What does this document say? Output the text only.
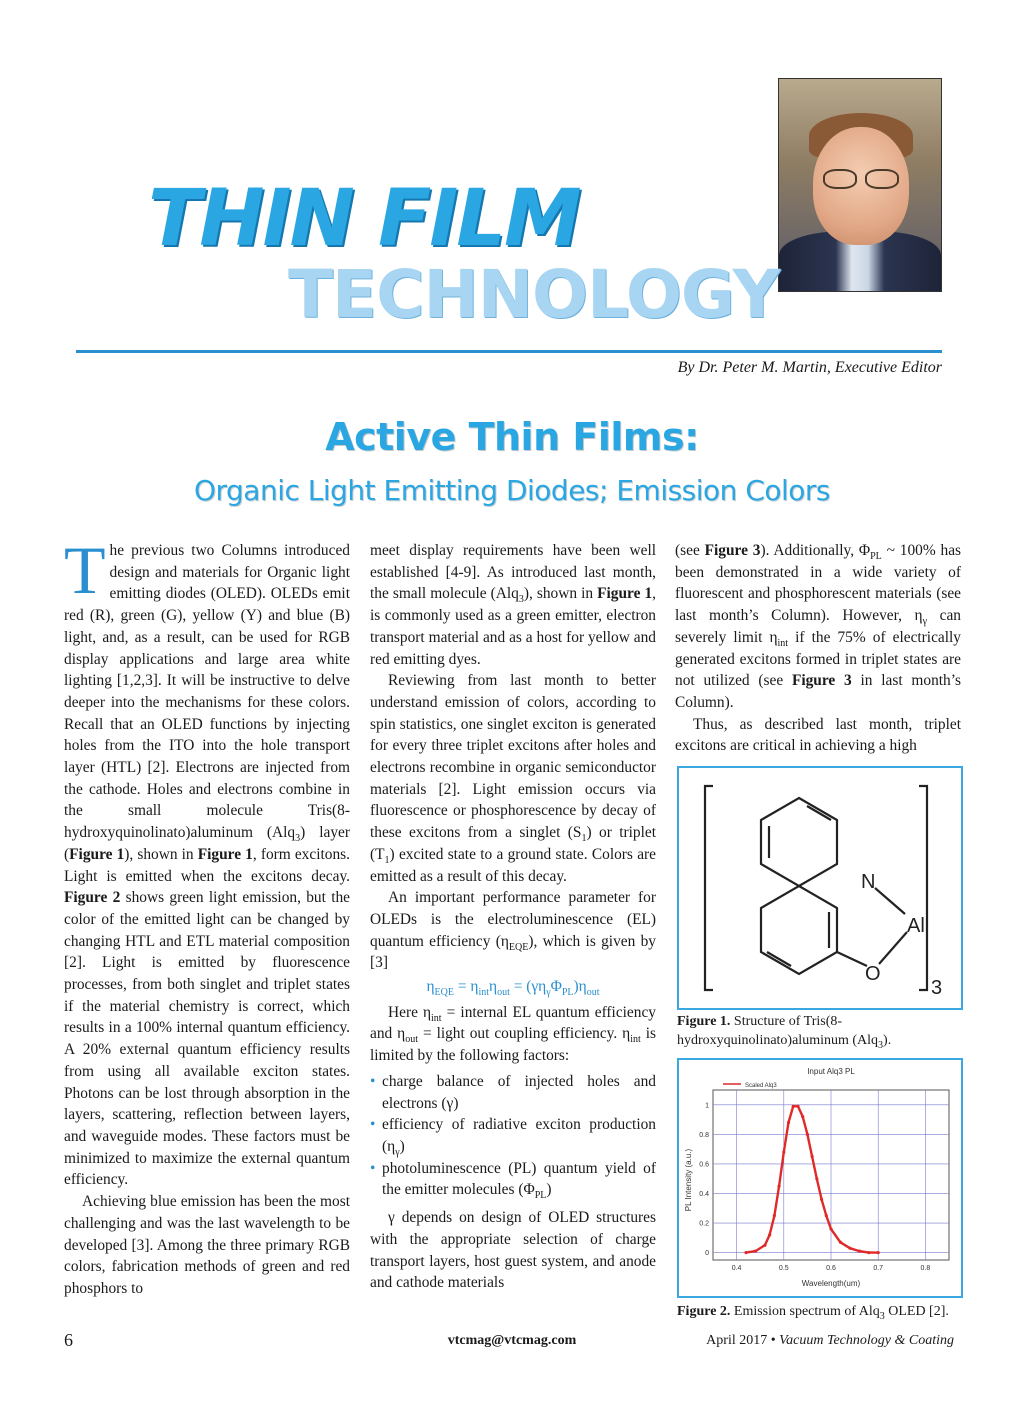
THIN FILM
TECHNOLOGY
By Dr. Peter M. Martin, Executive Editor
Active Thin Films:
Organic Light Emitting Diodes; Emission Colors

The previous two Columns introduced design and materials for Organic light emitting diodes (OLED). OLEDs emit red (R), green (G), yellow (Y) and blue (B) light, and, as a result, can be used for RGB display applications and large area white lighting [1,2,3]. It will be instructive to delve deeper into the mechanisms for these colors. Recall that an OLED functions by injecting holes from the ITO into the hole transport layer (HTL) [2]. Electrons are injected from the cathode. Holes and electrons combine in the small molecule Tris(8-hydroxyquinolinato)aluminum (Alq$_3$) layer (Figure 1), shown in Figure 1, form excitons. Light is emitted when the excitons decay. Figure 2 shows green light emission, but the color of the emitted light can be changed by changing HTL and ETL material composition [2]. Light is emitted by fluorescence processes, from both singlet and triplet states if the material chemistry is correct, which results in a 100% internal quantum efficiency. A 20% external quantum efficiency results from using all available exciton states. Photons can be lost through absorption in the layers, scattering, reflection between layers, and waveguide modes. These factors must be minimized to maximize the external quantum efficiency.

Achieving blue emission has been the most challenging and was the last wavelength to be developed [3]. Among the three primary RGB colors, fabrication methods of green and red phosphors to

meet display requirements have been well established [4-9]. As introduced last month, the small molecule (Alq$_3$), shown in Figure 1, is commonly used as a green emitter, electron transport material and as a host for yellow and red emitting dyes.

Reviewing from last month to better understand emission of colors, according to spin statistics, one singlet exciton is generated for every three triplet excitons after holes and electrons recombine in organic semiconductor materials [2]. Light emission occurs via fluorescence or phosphorescence by decay of these excitons from a singlet $(S_1)$ or triplet $(T_1)$ excited state to a ground state. Colors are emitted as a result of this decay.

An important performance parameter for OLEDs is the electroluminescence (EL) quantum efficiency $(\eta_{EQE})$, which is given by [3]

$\eta_{EQE} = \eta_{int}\eta_{out} = (\gamma\eta_\gamma\Phi_{PL})\eta_{out}$

Here $\eta_{int}$ = internal EL quantum efficiency and $\eta_{out}$ = light out coupling efficiency. $\eta_{int}$ is limited by the following factors:

• charge balance of injected holes and electrons (γ)
• efficiency of radiative exciton production $(\eta_\gamma)$
• photoluminescence (PL) quantum yield of the emitter molecules $(\Phi_{PL})$

γ depends on design of OLED structures with the appropriate selection of charge transport layers, host guest system, and anode and cathode materials

(see Figure 3). Additionally, $\Phi_{PL}$ ~ 100% has been demonstrated in a wide variety of fluorescent and phosphorescent materials (see last month’s Column). However, $\eta_\gamma$ can severely limit $\eta_{int}$ if the 75% of electrically generated excitons formed in triplet states are not utilized (see Figure 3 in last month’s Column).

Thus, as described last month, triplet excitons are critical in achieving a high

N
Al
O
3
Figure 1. Structure of Tris(8-hydroxyquinolinato)aluminum (Alq$_3$).
Input Alq3 PL
Wavelength(um)
PL Intensity (a.u.)
0.4	0.5	0.6	0.7	0.8
0
0.2
0.4
0.6
0.8
1
Scaled Alq3
Figure 2. Emission spectrum of Alq$_3$ OLED [2].
6	vtcmag@vtcmag.com	April 2017 • Vacuum Technology & Coating
